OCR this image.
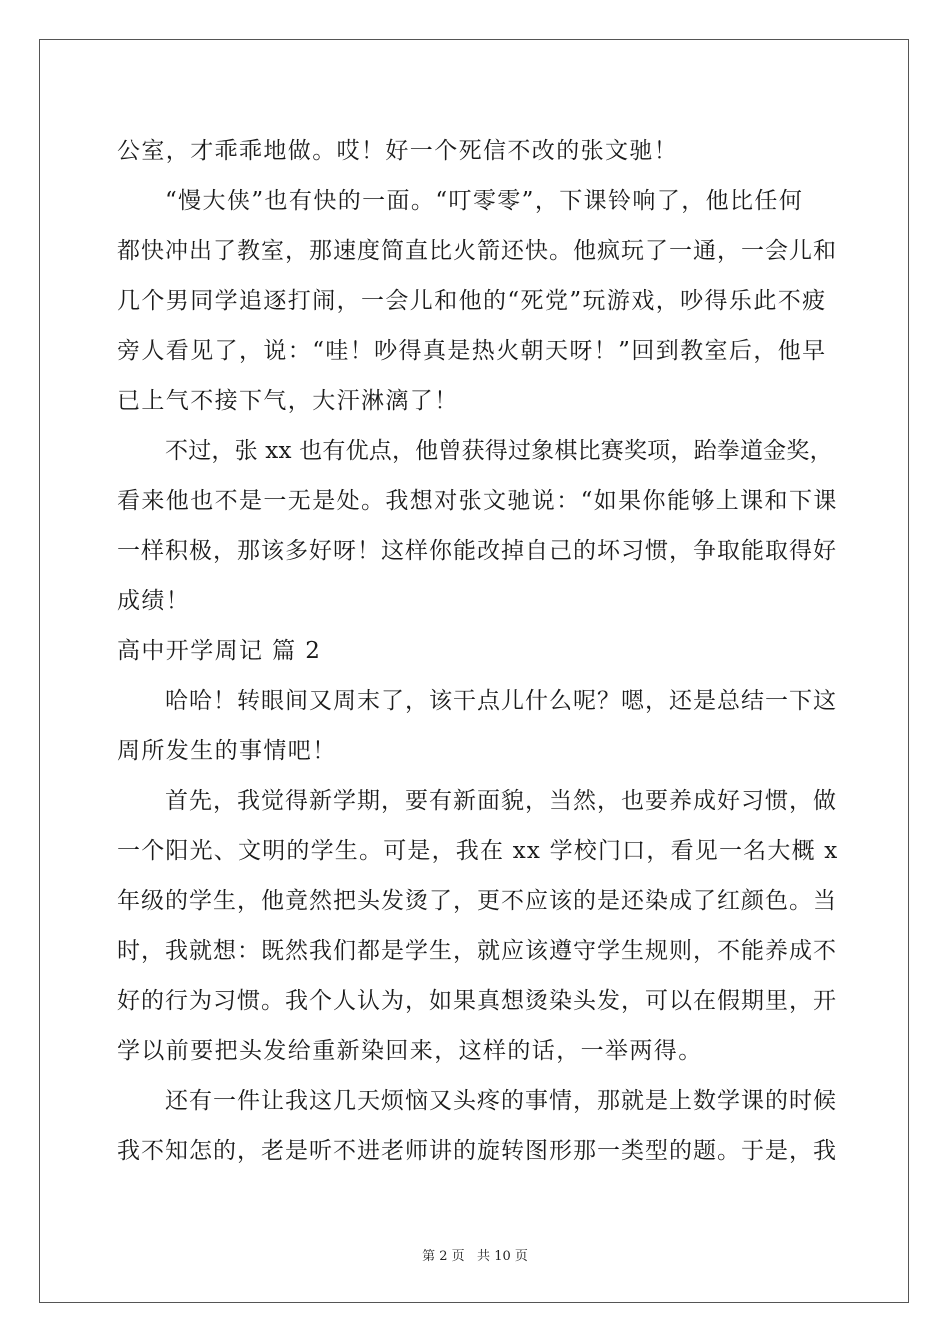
公室，才乖乖地做。哎！好一个死信不改的张文驰！
“慢大侠”也有快的一面。“叮零零”，下课铃响了，他比任何
都快冲出了教室，那速度简直比火箭还快。他疯玩了一通，一会儿和
几个男同学追逐打闹，一会儿和他的“死党”玩游戏，吵得乐此不疲
旁人看见了，说：“哇！吵得真是热火朝天呀！”回到教室后，他早
已上气不接下气，大汗淋漓了！
不过，张 xx 也有优点，他曾获得过象棋比赛奖项，跆拳道金奖，
看来他也不是一无是处。我想对张文驰说：“如果你能够上课和下课
一样积极，那该多好呀！这样你能改掉自己的坏习惯，争取能取得好
成绩！
高中开学周记 篇 2
哈哈！转眼间又周末了，该干点儿什么呢？嗯，还是总结一下这
周所发生的事情吧！
首先，我觉得新学期，要有新面貌，当然，也要养成好习惯，做
一个阳光、文明的学生。可是，我在 xx 学校门口，看见一名大概 x
年级的学生，他竟然把头发烫了，更不应该的是还染成了红颜色。当
时，我就想：既然我们都是学生，就应该遵守学生规则，不能养成不
好的行为习惯。我个人认为，如果真想烫染头发，可以在假期里，开
学以前要把头发给重新染回来，这样的话，一举两得。
还有一件让我这几天烦恼又头疼的事情，那就是上数学课的时候
我不知怎的，老是听不进老师讲的旋转图形那一类型的题。于是，我
第 2 页   共 10 页
